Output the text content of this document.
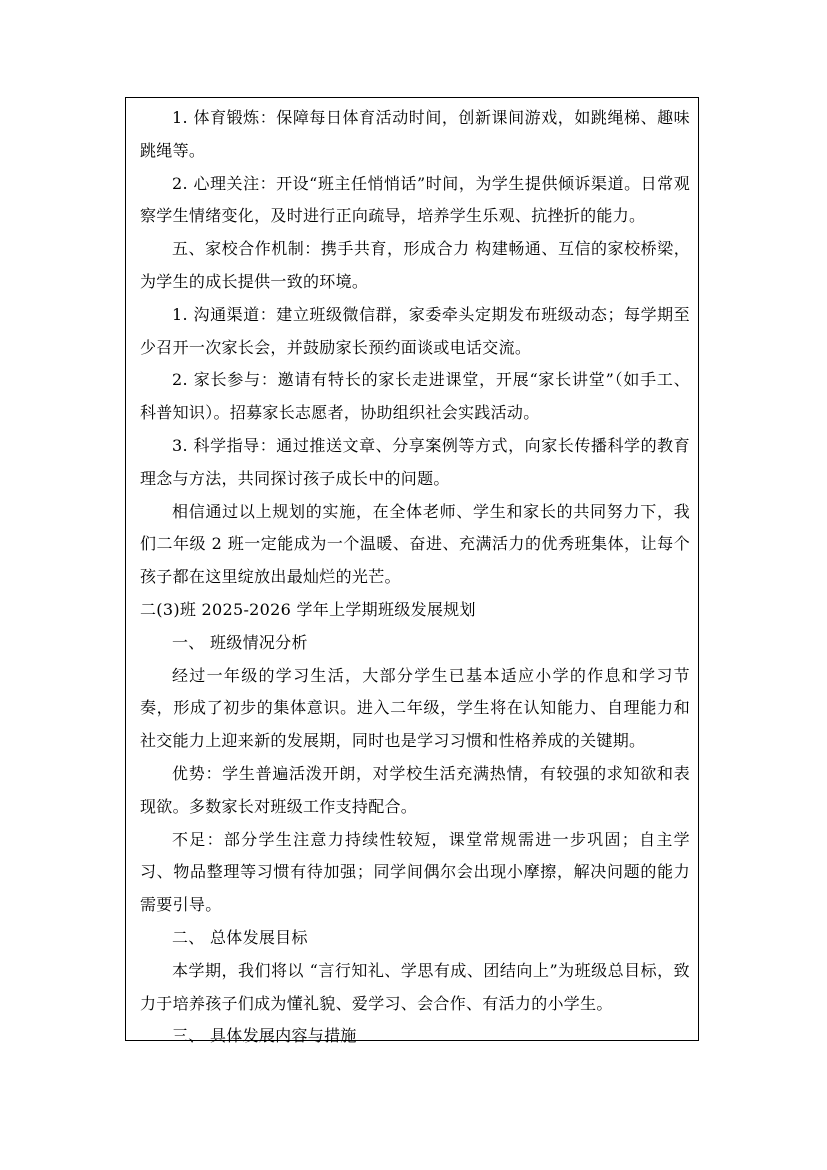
1. 体育锻炼：保障每日体育活动时间，创新课间游戏，如跳绳梯、趣味跳绳等。

2. 心理关注：开设“班主任悄悄话”时间，为学生提供倾诉渠道。日常观察学生情绪变化，及时进行正向疏导，培养学生乐观、抗挫折的能力。

五、家校合作机制：携手共育，形成合力 构建畅通、互信的家校桥梁，为学生的成长提供一致的环境。

1. 沟通渠道：建立班级微信群，家委牵头定期发布班级动态；每学期至少召开一次家长会，并鼓励家长预约面谈或电话交流。

2. 家长参与：邀请有特长的家长走进课堂，开展“家长讲堂”（如手工、科普知识）。招募家长志愿者，协助组织社会实践活动。

3. 科学指导：通过推送文章、分享案例等方式，向家长传播科学的教育理念与方法，共同探讨孩子成长中的问题。

相信通过以上规划的实施，在全体老师、学生和家长的共同努力下，我们二年级 2 班一定能成为一个温暖、奋进、充满活力的优秀班集体，让每个孩子都在这里绽放出最灿烂的光芒。

二(3)班 2025-2026 学年上学期班级发展规划

一、 班级情况分析

经过一年级的学习生活，大部分学生已基本适应小学的作息和学习节奏，形成了初步的集体意识。进入二年级，学生将在认知能力、自理能力和社交能力上迎来新的发展期，同时也是学习习惯和性格养成的关键期。

优势：学生普遍活泼开朗，对学校生活充满热情，有较强的求知欲和表现欲。多数家长对班级工作支持配合。

不足：部分学生注意力持续性较短，课堂常规需进一步巩固；自主学习、物品整理等习惯有待加强；同学间偶尔会出现小摩擦，解决问题的能力需要引导。

二、 总体发展目标

本学期，我们将以 “言行知礼、学思有成、团结向上”为班级总目标，致力于培养孩子们成为懂礼貌、爱学习、会合作、有活力的小学生。

三、 具体发展内容与措施
